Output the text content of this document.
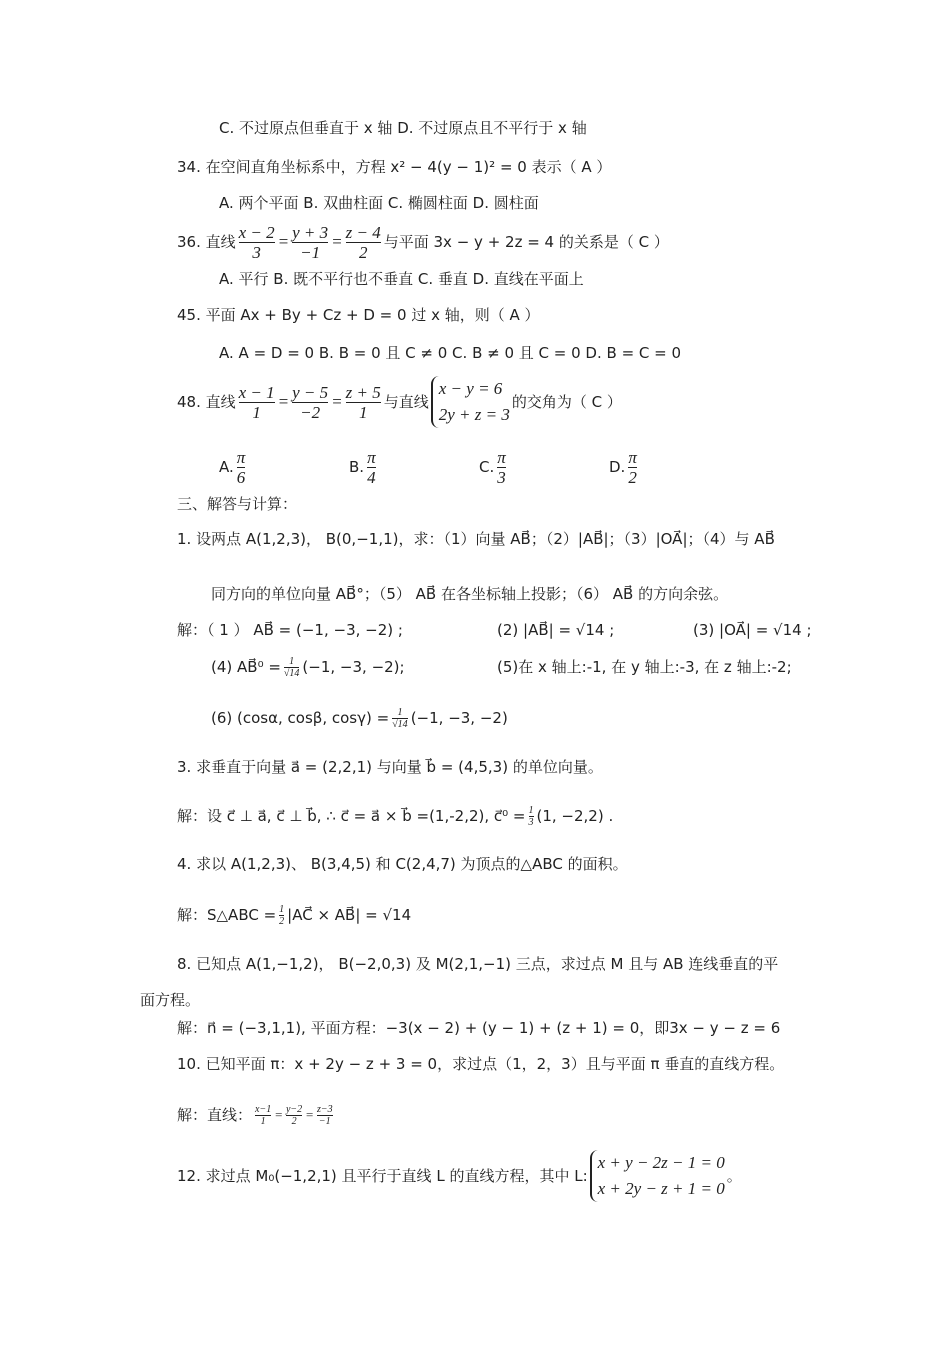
C. 不过原点但垂直于 x 轴 D. 不过原点且不平行于 x 轴
34. 在空间直角坐标系中，方程 x² − 4(y − 1)² = 0 表示（ A ）
A. 两个平面 B. 双曲柱面 C. 椭圆柱面 D. 圆柱面
36. 直线 $\frac{x - 2}{3} = \frac{y + 3}{-1} = \frac{z - 4}{2}$ 与平面 3x − y + 2z = 4 的关系是（ C ）
A. 平行 B. 既不平行也不垂直 C. 垂直 D. 直线在平面上
45. 平面 Ax + By + Cz + D = 0 过 x 轴，则（ A ）
A. A = D = 0 B. B = 0 且 C ≠ 0 C. B ≠ 0 且 C = 0 D. B = C = 0
48. 直线 $\frac{x - 1}{1} = \frac{y - 5}{-2} = \frac{z + 5}{1}$ 与直线
x − y = 6
2y + z = 3
的交角为（ C ）
A. $\frac{\pi}{6}$	B. $\frac{\pi}{4}$	C. $\frac{\pi}{3}$	D. $\frac{\pi}{2}$
三、解答与计算：
1. 设两点 A(1,2,3)， B(0,−1,1)，求：（1）向量 AB⃗；（2）|AB⃗|；（3）|OA⃗|；（4）与 AB⃗
同方向的单位向量 AB⃗°；（5） AB⃗ 在各坐标轴上投影；（6） AB⃗ 的方向余弦。
解：（ 1 ） AB⃗ = (−1, −3, −2) ;	(2) |AB⃗| = √14 ;	(3) |OA⃗| = √14 ;
(4) AB⃗⁰ = $\frac{1}{√14} (-1$, −3, −2);	(5)在 x 轴上:-1, 在 y 轴上:-3, 在 z 轴上:-2;
(6) (cosα, cosβ, $\cos\gamma) = \frac{1}{√14} (-1$, −3, −2)
3. 求垂直于向量 a⃗ = (2,2,1) 与向量 b⃗ = (4,5,3) 的单位向量。
解：设 c⃗ ⊥ a⃗, c⃗ ⊥ b⃗, ∴ c⃗ = a⃗ × b⃗ =(1,-2,2), c⃗⁰ = $\frac{1}{3} (1$, −2,2) .
4. 求以 A(1,2,3)、 B(3,4,5) 和 C(2,4,7) 为顶点的△ABC 的面积。
解：S△ABC = $\frac{1}{2}$ |AC⃗ × AB⃗| = √14
8. 已知点 A(1,−1,2)， B(−2,0,3) 及 M(2,1,−1) 三点，求过点 M 且与 AB 连线垂直的平
面方程。
解：n⃗ = (−3,1,1), 平面方程：−3(x − 2) + (y − 1) + (z + 1) = 0，即3x − y − z = 6
10. 已知平面 π：x + 2y − z + 3 = 0，求过点（1，2，3）且与平面 π 垂直的直线方程。
解：直线： $\frac{x-1}{1} = \frac{y-2}{2} = \frac{z-3}{-1}$
12. 求过点 M₀(−1,2,1) 且平行于直线 L 的直线方程，其中 L:
x + y − 2z − 1 = 0
x + 2y − z + 1 = 0
。
